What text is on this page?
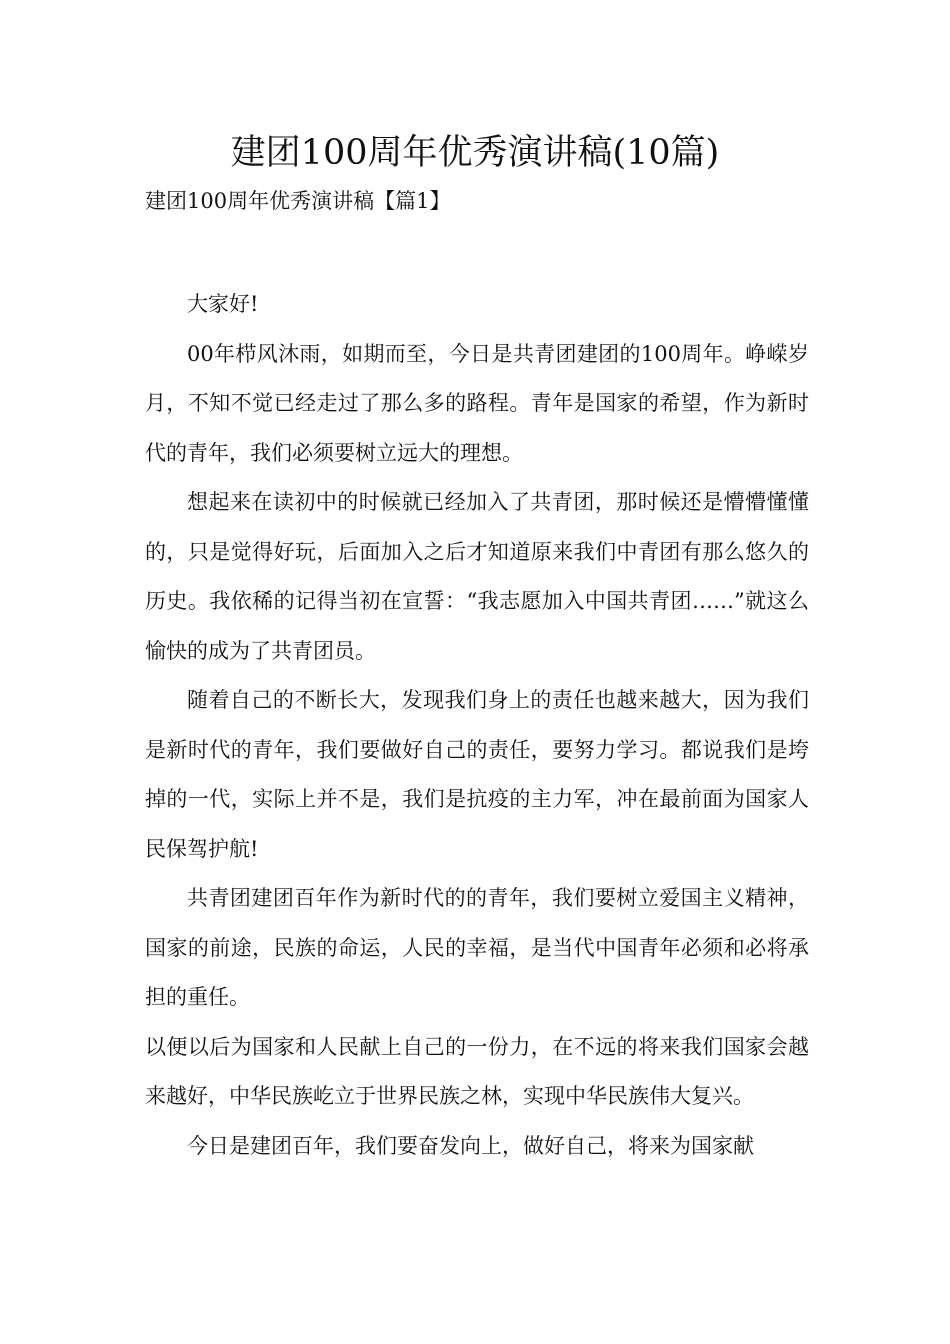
建团100周年优秀演讲稿(10篇)
建团100周年优秀演讲稿【篇1】

大家好!

00年栉风沐雨，如期而至，今日是共青团建团的100周年。峥嵘岁月，不知不觉已经走过了那么多的路程。青年是国家的希望，作为新时代的青年，我们必须要树立远大的理想。

想起来在读初中的时候就已经加入了共青团，那时候还是懵懵懂懂的，只是觉得好玩，后面加入之后才知道原来我们中青团有那么悠久的历史。我依稀的记得当初在宣誓：“我志愿加入中国共青团……”就这么愉快的成为了共青团员。

随着自己的不断长大，发现我们身上的责任也越来越大，因为我们是新时代的青年，我们要做好自己的责任，要努力学习。都说我们是垮掉的一代，实际上并不是，我们是抗疫的主力军，冲在最前面为国家人民保驾护航!

共青团建团百年作为新时代的的青年，我们要树立爱国主义精神，国家的前途，民族的命运，人民的幸福，是当代中国青年必须和必将承担的重任。

以便以后为国家和人民献上自己的一份力，在不远的将来我们国家会越来越好，中华民族屹立于世界民族之林，实现中华民族伟大复兴。

今日是建团百年，我们要奋发向上，做好自己，将来为国家献
